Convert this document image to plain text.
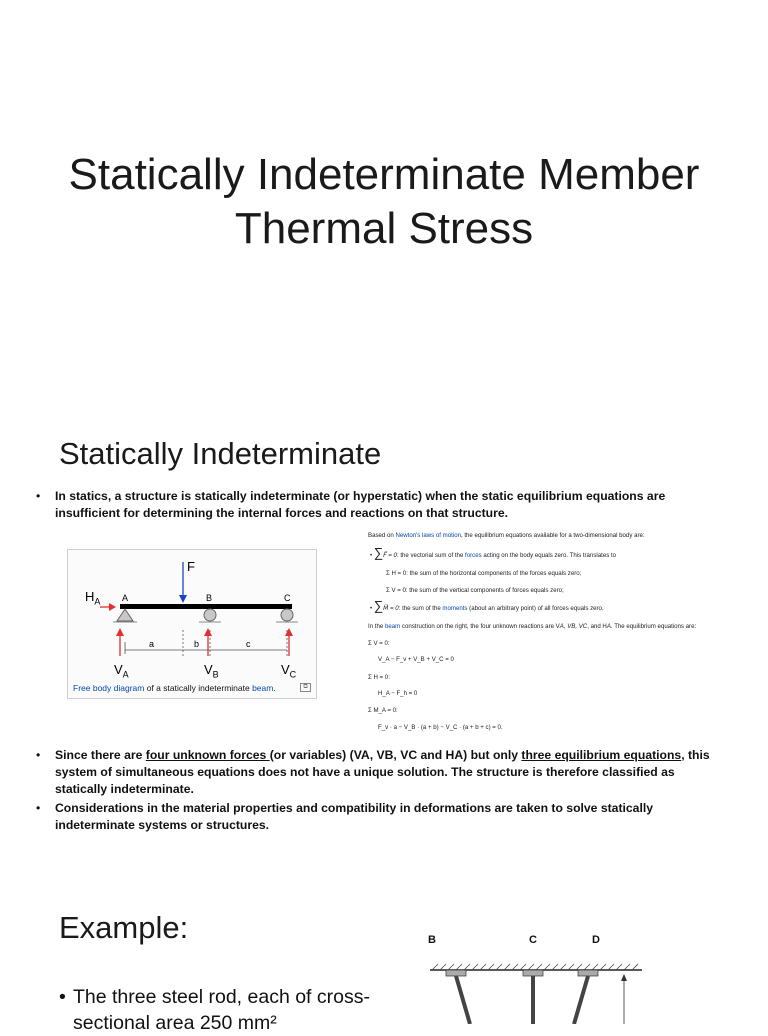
Statically Indeterminate Member
Thermal Stress
Statically Indeterminate
• In statics, a structure is statically indeterminate (or hyperstatic) when the static equilibrium equations are insufficient for determining the internal forces and reactions on that structure.
F
$H_A$ A	B	C
a	b	c
$V_A$	$V_B$	$V_C$
Free body diagram of a statically indeterminate beam.	⧉
Based on Newton's laws of motion, the equilibrium equations available for a two-dimensional body are:
• ∑F⃗ = 0: the vectorial sum of the forces acting on the body equals zero. This translates to
Σ H = 0: the sum of the horizontal components of the forces equals zero;
Σ V = 0: the sum of the vertical components of forces equals zero;
• ∑M⃗ = 0: the sum of the moments (about an arbitrary point) of all forces equals zero.
In the beam construction on the right, the four unknown reactions are VA, VB, VC, and HA. The equilibrium equations are:
Σ V = 0:
V_A − F_v + V_B + V_C = 0
Σ H = 0:
H_A − F_h = 0
Σ M_A = 0:
F_v · a − V_B · (a + b) − V_C · (a + b + c) = 0.
• Since there are four unknown forces (or variables) (VA, VB, VC and HA) but only three equilibrium equations, this system of simultaneous equations does not have a unique solution. The structure is therefore classified as statically indeterminate.
• Considerations in the material properties and compatibility in deformations are taken to solve statically indeterminate systems or structures.
Example:
• The three steel rod, each of cross-sectional area 250 mm²
B	C	D
